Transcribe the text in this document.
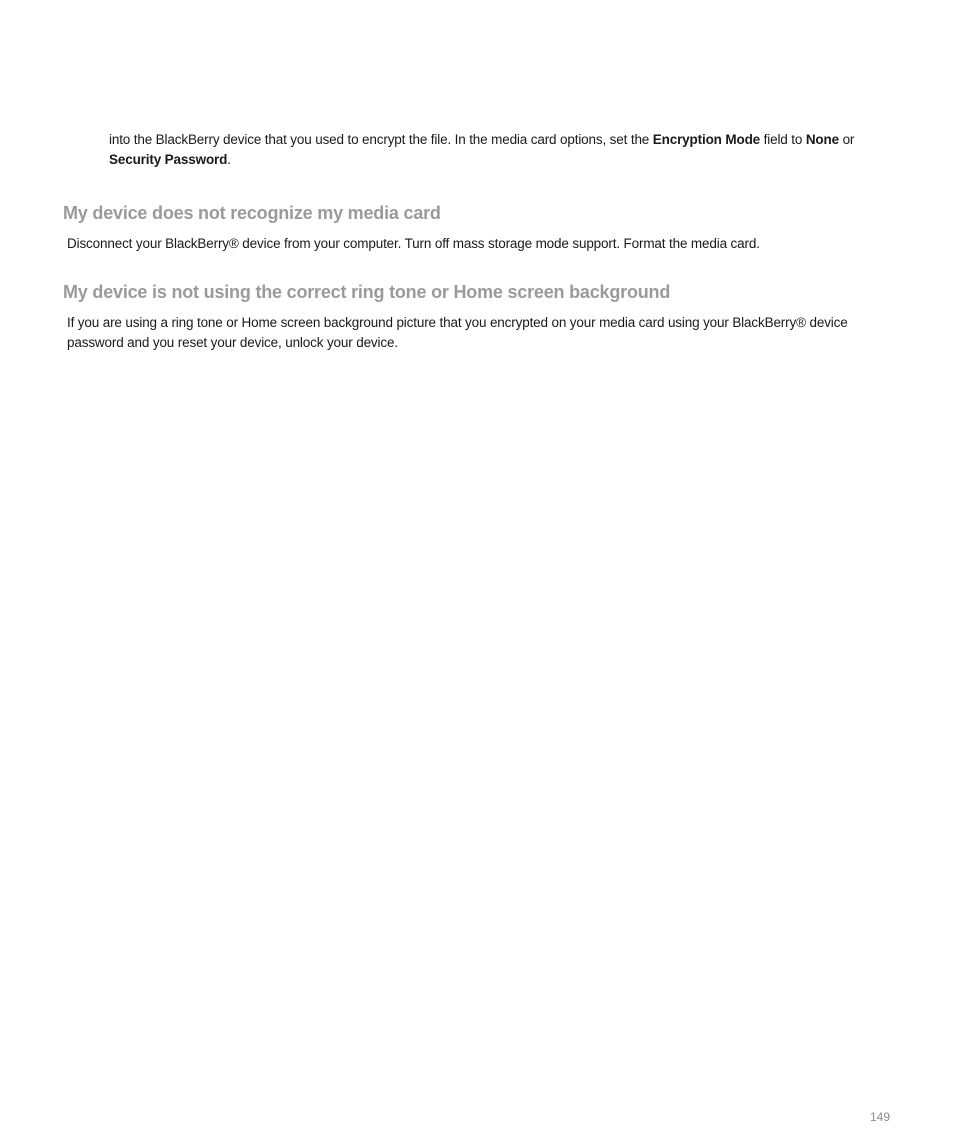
into the BlackBerry device that you used to encrypt the file. In the media card options, set the Encryption Mode field to None or Security Password.
My device does not recognize my media card

Disconnect your BlackBerry® device from your computer. Turn off mass storage mode support. Format the media card.

My device is not using the correct ring tone or Home screen background

If you are using a ring tone or Home screen background picture that you encrypted on your media card using your BlackBerry® device password and you reset your device, unlock your device.

149
